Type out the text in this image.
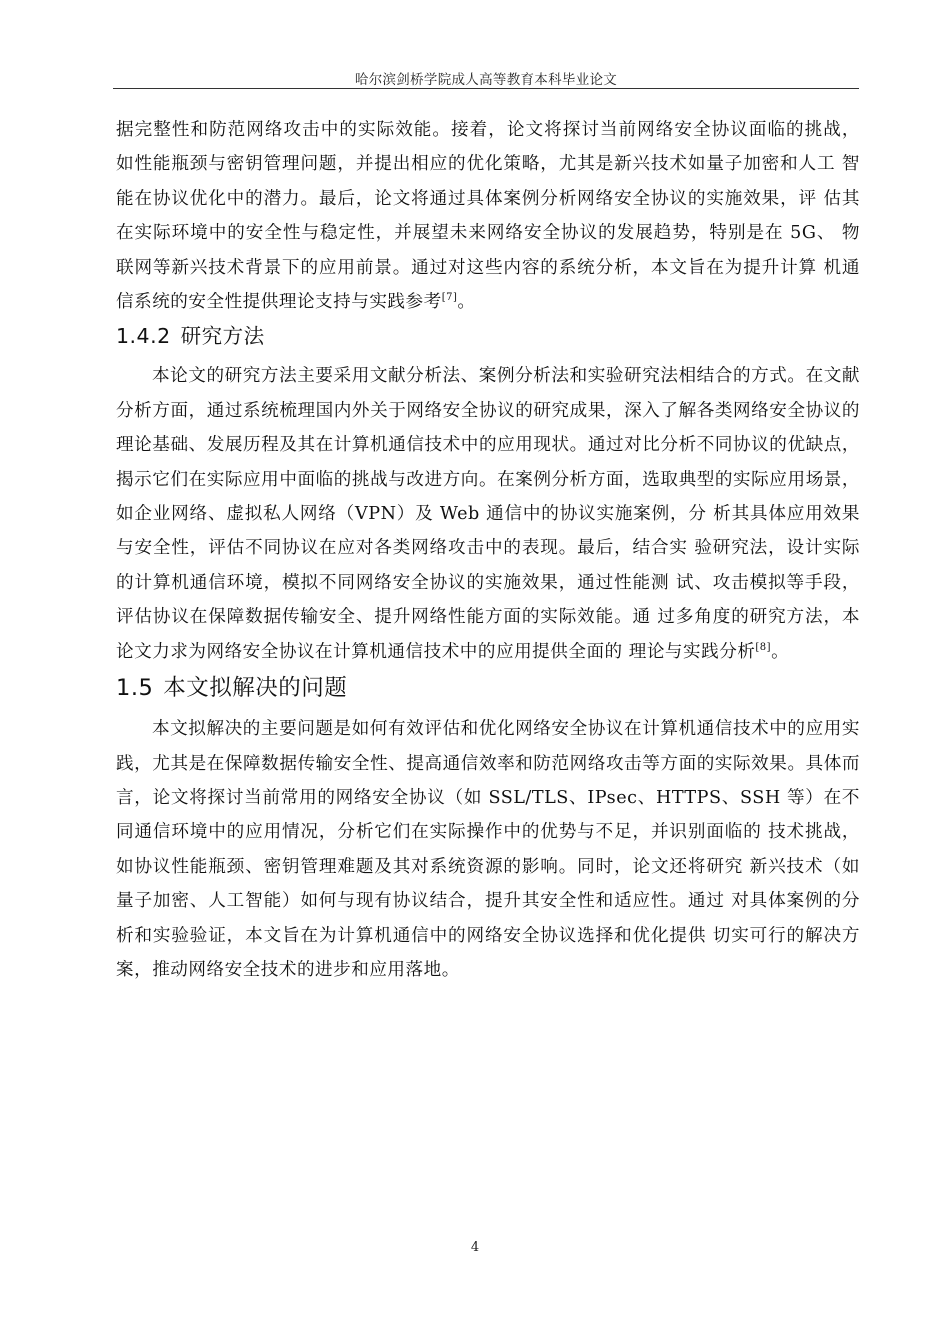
哈尔滨剑桥学院成人高等教育本科毕业论文

据完整性和防范网络攻击中的实际效能。接着，论文将探讨当前网络安全协议面临的挑战， 如性能瓶颈与密钥管理问题，并提出相应的优化策略，尤其是新兴技术如量子加密和人工 智能在协议优化中的潜力。最后，论文将通过具体案例分析网络安全协议的实施效果，评 估其在实际环境中的安全性与稳定性，并展望未来网络安全协议的发展趋势，特别是在 5G、 物联网等新兴技术背景下的应用前景。通过对这些内容的系统分析，本文旨在为提升计算 机通信系统的安全性提供理论支持与实践参考[7]。

1.4.2 研究方法

本论文的研究方法主要采用文献分析法、案例分析法和实验研究法相结合的方式。在文献分析方面，通过系统梳理国内外关于网络安全协议的研究成果，深入了解各类网络安全协议的理论基础、发展历程及其在计算机通信技术中的应用现状。通过对比分析不同协议的优缺点，揭示它们在实际应用中面临的挑战与改进方向。在案例分析方面，选取典型的实际应用场景，如企业网络、虚拟私人网络（VPN）及 Web 通信中的协议实施案例，分 析其具体应用效果与安全性，评估不同协议在应对各类网络攻击中的表现。最后，结合实 验研究法，设计实际的计算机通信环境，模拟不同网络安全协议的实施效果，通过性能测 试、攻击模拟等手段，评估协议在保障数据传输安全、提升网络性能方面的实际效能。通 过多角度的研究方法，本论文力求为网络安全协议在计算机通信技术中的应用提供全面的 理论与实践分析[8]。

1.5 本文拟解决的问题

本文拟解决的主要问题是如何有效评估和优化网络安全协议在计算机通信技术中的应用实践，尤其是在保障数据传输安全性、提高通信效率和防范网络攻击等方面的实际效果。具体而言，论文将探讨当前常用的网络安全协议（如 SSL/TLS、IPsec、HTTPS、SSH 等）在不同通信环境中的应用情况，分析它们在实际操作中的优势与不足，并识别面临的 技术挑战，如协议性能瓶颈、密钥管理难题及其对系统资源的影响。同时，论文还将研究 新兴技术（如量子加密、人工智能）如何与现有协议结合，提升其安全性和适应性。通过 对具体案例的分析和实验验证，本文旨在为计算机通信中的网络安全协议选择和优化提供 切实可行的解决方案，推动网络安全技术的进步和应用落地。

4
